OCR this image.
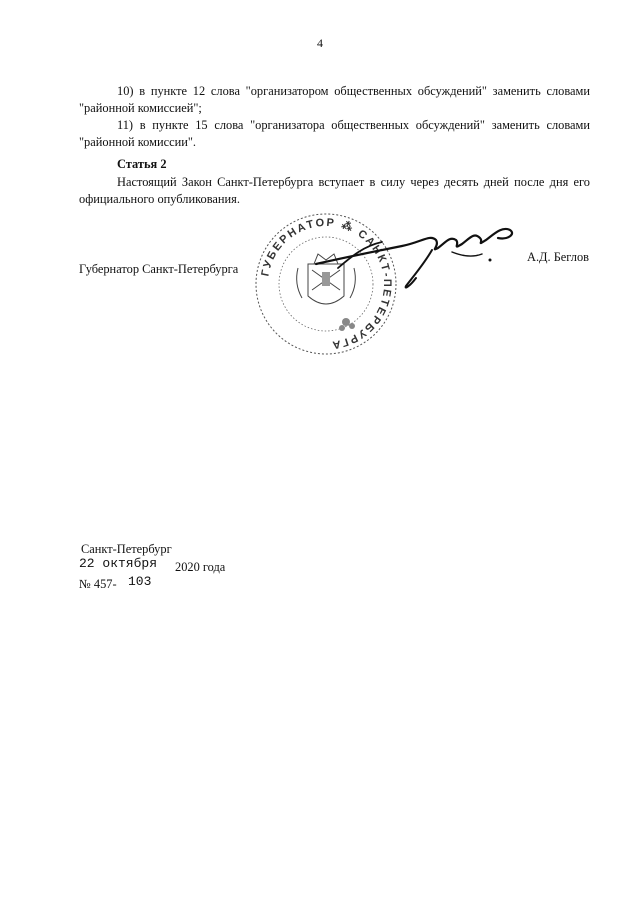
4

10) в пункте 12 слова "организатором общественных обсуждений" заменить словами "районной комиссией";

11) в пункте 15 слова "организатора общественных обсуждений" заменить словами "районной комиссии".

Статья 2

Настоящий Закон Санкт-Петербурга вступает в силу через десять дней после дня его официального опубликования.

Губернатор Санкт-Петербурга ГУБЕРНАТОР ⁂ САНКТ-ПЕТЕРБУРГА
А.Д. Беглов
Санкт-Петербург
22 октября 2020 года
№ 457- 103
